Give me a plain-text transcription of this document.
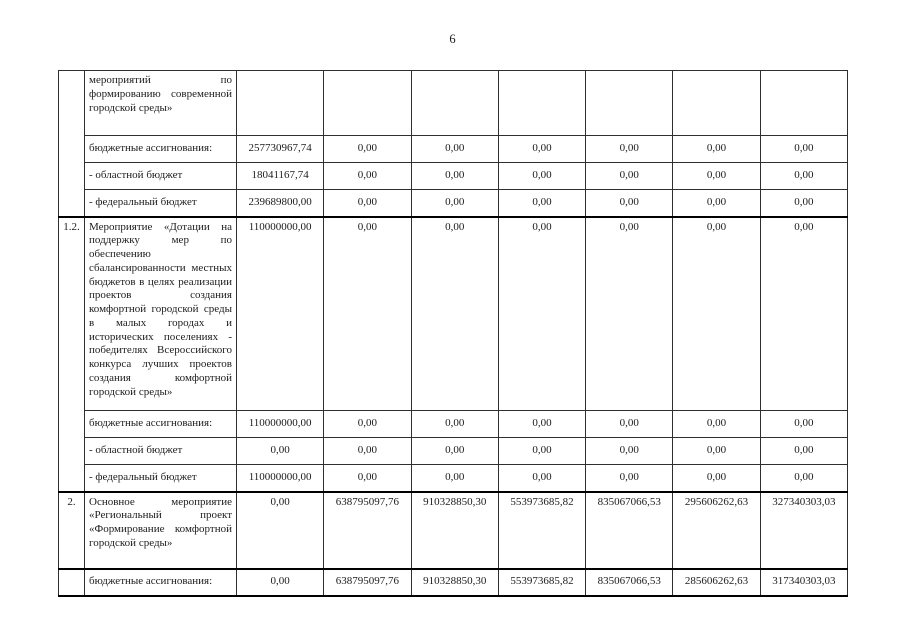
6
	мероприятий по формированию современной городской среды»							
	бюджетные ассигнования:	257730967,74	0,00	0,00	0,00	0,00	0,00	0,00
	- областной бюджет	18041167,74	0,00	0,00	0,00	0,00	0,00	0,00
	- федеральный бюджет	239689800,00	0,00	0,00	0,00	0,00	0,00	0,00
1.2.	Мероприятие «Дотации на поддержку мер по обеспечению сбалансированности местных бюджетов в целях реализации проектов создания комфортной городской среды в малых городах и исторических поселениях - победителях Всероссийского конкурса лучших проектов создания комфортной городской среды»	110000000,00	0,00	0,00	0,00	0,00	0,00	0,00
	бюджетные ассигнования:	110000000,00	0,00	0,00	0,00	0,00	0,00	0,00
	- областной бюджет	0,00	0,00	0,00	0,00	0,00	0,00	0,00
	- федеральный бюджет	110000000,00	0,00	0,00	0,00	0,00	0,00	0,00
2.	Основное мероприятие «Региональный проект «Формирование комфортной городской среды»	0,00	638795097,76	910328850,30	553973685,82	835067066,53	295606262,63	327340303,03
	бюджетные ассигнования:	0,00	638795097,76	910328850,30	553973685,82	835067066,53	285606262,63	317340303,03
